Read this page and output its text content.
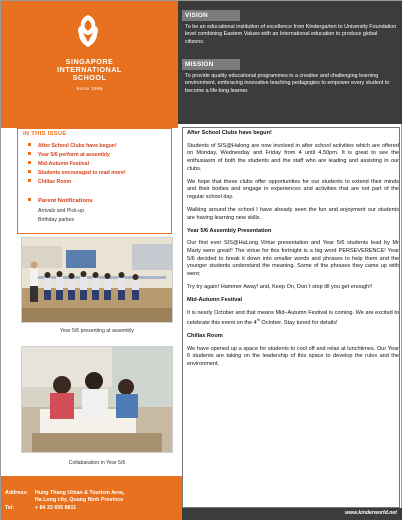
SINGAPORE
INTERNATIONAL
SCHOOL
Since 1996
VISION
To be an educational institution of excellence from Kindergarten to University Foundation level combining Eastern Values with an International education to produce global citizens.
MISSION
To provide quality educational programmes in a creative and challenging learning environment, embracing innovative teaching pedagogies to empower every student to become a life-long learner.
IN THIS ISSUE
After School Clubs have begun!
Year 5/6 perform at assembly
Mid-Autumn Festival
Students encouraged to read more!
Chillax Room
Parent Notifications
Arrivals and Pick-up
Birthday parties
Year 5/6 presenting at assembly
Collabaration in Year 5/6
After School Clubs have begun!

Students of SIS@Halong are now involved in after school activities which are offered on Monday, Wednesday and Friday from 4 until 4.50pm. It is great to see the enthusiasm of both the students and the staff who are leading and assisting in our clubs.

We hope that these clubs offer opportunities for our students to extend their minds and their bodies and engage in experiences and activities that are not part of the regular school day.

Walking around the school I have already seen the fun and enjoyment our students are having learning new skills.

Year 5/6 Assembly Presentation

Our first ever SIS@HaLong Virtue presentation and Year 5/6 students lead by Mr Marty were great!! The virtue for this fortnight is a big word PERSEVERENCE! Year 5/6 decided to break it down into smaller words and phrases to help them and the younger students understand the meaning. Some of the phrases they came up with were;

Try try again! Hammer Away! and, Keep On, Don`t stop till you get enough!!

Mid-Autumn Festival

It is nearly October and that means Mid–Autumn Festival is coming. We are excited to celebrate this event on the 4th October. Stay tuned for details!

Chillax Room

We have opened up a space for students to cool off and relax at lunchtimes. Our Year 6 students are taking on the leadership of this space to develop the rules and the environment.

Address: Hung Thang Urban & Tourism Area,
Ha Long city, Quang Ninh Province
Tel:	+ 84 33 655 8811
www.kinderworld.net
